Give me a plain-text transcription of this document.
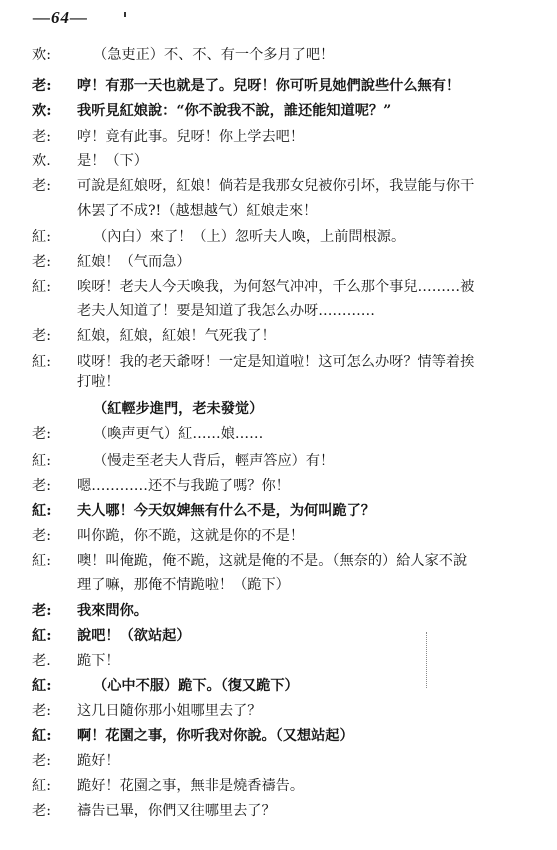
—64—
欢:	（急吏正）不、不、有一个多月了吧！
老: 哼！有那一天也就是了。兒呀！你可听見她們說些什么無有！
欢: 我听見紅娘說：“你不說我不說，誰还能知道呢？”
老: 哼！竟有此事。兒呀！你上学去吧！
欢. 是！（下）
老: 可說是紅娘呀，紅娘！倘若是我那女兒被你引坏，我豈能与你干
休罢了不成?!（越想越气）紅娘走來！
紅:	（內白）來了！（上）忽听夫人喚，上前問根源。
老: 紅娘！（气而急）
紅: 唉呀！老夫人今天喚我，为何怒气冲冲，千么那个事兒………被
老夫人知道了！要是知道了我怎么办呀…………
老: 紅娘，紅娘，紅娘！气死我了！
紅: 哎呀！我的老天爺呀！一定是知道啦！这可怎么办呀？情等着挨
打啦！
（紅輕步進門，老未發觉）
老:	（喚声更气）紅……娘……
紅:	（慢走至老夫人背后，輕声答应）有！
老: 嗯…………还不与我跪了嗎？你！
紅: 夫人哪！今天奴婢無有什么不是，为何叫跪了？
老: 叫你跪，你不跪，这就是你的不是！
紅: 噢！叫俺跪，俺不跪，这就是俺的不是。（無奈的）給人家不說
理了嘛，那俺不情跪啦！（跪下）
老: 我來問你。
紅: 說吧！（欲站起）
老. 跪下！
紅:	（心中不服）跪下。（復又跪下）
老: 这几日隨你那小姐哪里去了？
紅: 啊！花園之事，你听我对你說。（又想站起）
老: 跪好！
紅: 跪好！花園之事，無非是燒香禱告。
老: 禱告已畢，你們又往哪里去了？
